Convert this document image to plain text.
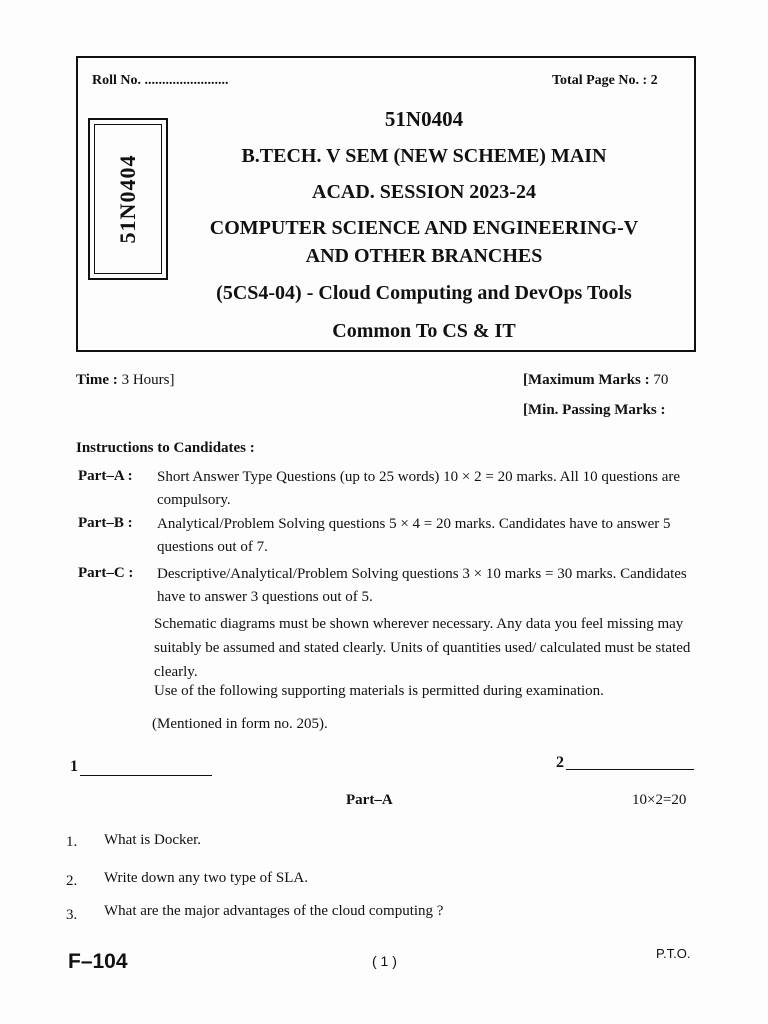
Roll No. ........................	Total Page No. : 2
51N0404
51N0404
B.TECH. V SEM (NEW SCHEME) MAIN
ACAD. SESSION 2023-24
COMPUTER SCIENCE AND ENGINEERING-V
AND OTHER BRANCHES
(5CS4-04) - Cloud Computing and DevOps Tools
Common To CS & IT
Time : 3 Hours]	[Maximum Marks : 70
[Min. Passing Marks :
Instructions to Candidates :
Part–A : Short Answer Type Questions (up to 25 words) 10 × 2 = 20 marks. All 10 questions are compulsory.
Part–B : Analytical/Problem Solving questions 5 × 4 = 20 marks. Candidates have to answer 5 questions out of 7.
Part–C : Descriptive/Analytical/Problem Solving questions 3 × 10 marks = 30 marks. Candidates have to answer 3 questions out of 5.
Schematic diagrams must be shown wherever necessary. Any data you feel missing may suitably be assumed and stated clearly. Units of quantities used/ calculated must be stated clearly.
Use of the following supporting materials is permitted during examination.
(Mentioned in form no. 205).
1	2
Part–A	10×2=20
1. What is Docker.
2. Write down any two type of SLA.
3. What are the major advantages of the cloud computing ?
F–104	( 1 )	P.T.O.
